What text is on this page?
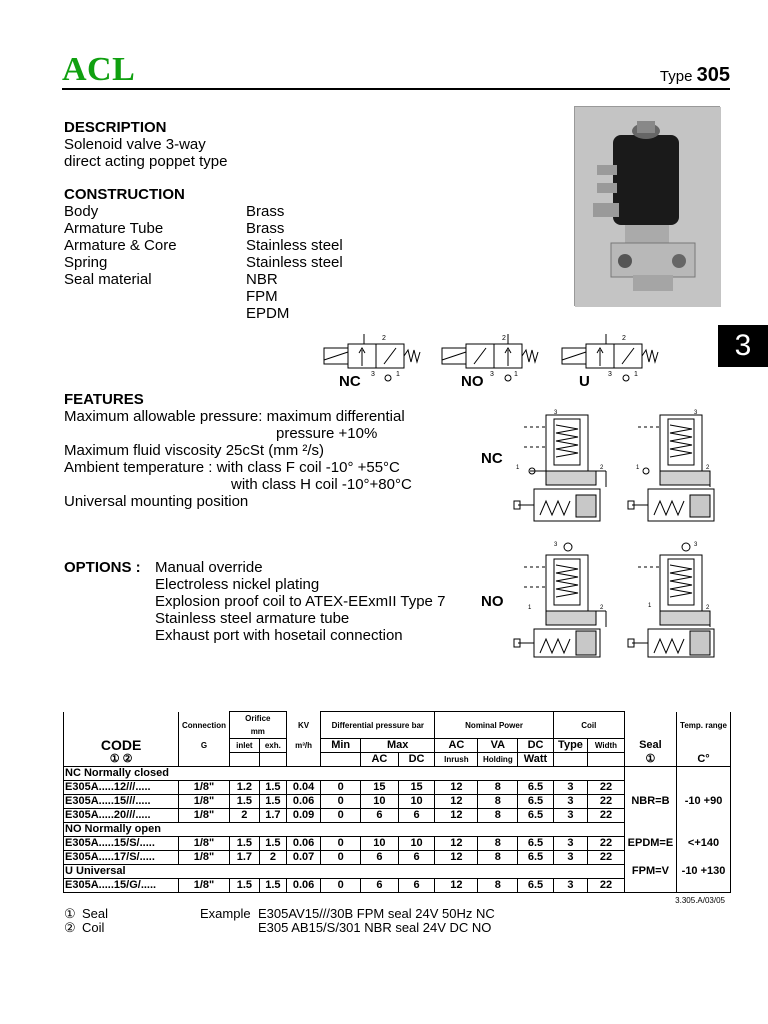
ACL	Type 305
DESCRIPTION
Solenoid valve 3-way
direct acting poppet type
CONSTRUCTION
Body	Brass
Armature Tube	Brass
Armature & Core	Stainless steel
Spring	Stainless steel
Seal material	NBR
FPM
EPDM
3
2	2	2
3	1	3	1	3	1
NC	NO	U
FEATURES
Maximum allowable pressure: maximum differential
pressure +10%
Maximum fluid viscosity 25cSt (mm ²/s)
Ambient temperature : with class F coil -10° +55°C
with class H coil -10°+80°C
Universal mounting position
OPTIONS : Manual override
Electroless nickel plating
Explosion proof coil to ATEX-EExmII Type 7
Stainless steel armature tube
Exhaust port with hosetail connection
NC
NO
3
1	2
3
1	2
3
1	2
3
1	2
	Connection	Orifice
mm		KV	Differential pressure bar			Nominal Power			Coil			Temp. range
CODE	G	inlet	exh.	m³/h	Min	Max		AC	VA	DC	Type	Width	Seal	
① ②						AC	DC	Inrush	Holding	Watt			①	C°
NC Normally closed														
E305A.....12///.....	1/8"	1.2	1.5	0.04	0	15	15	12	8	6.5	3	22		
E305A.....15///.....	1/8"	1.5	1.5	0.06	0	10	10	12	8	6.5	3	22	NBR=B	-10 +90
E305A.....20///.....	1/8"	2	1.7	0.09	0	6	6	12	8	6.5	3	22		
NO Normally open														
E305A.....15/S/.....	1/8"	1.5	1.5	0.06	0	10	10	12	8	6.5	3	22	EPDM=E	<+140
E305A.....17/S/.....	1/8"	1.7	2	0.07	0	6	6	12	8	6.5	3	22		
U Universal													FPM=V	-10 +130
E305A.....15/G/.....	1/8"	1.5	1.5	0.06	0	6	6	12	8	6.5	3	22		
3.305.A/03/05
① Seal	Example E305AV15///30B FPM seal 24V 50Hz NC
② Coil	E305 AB15/S/301 NBR seal 24V DC NO
